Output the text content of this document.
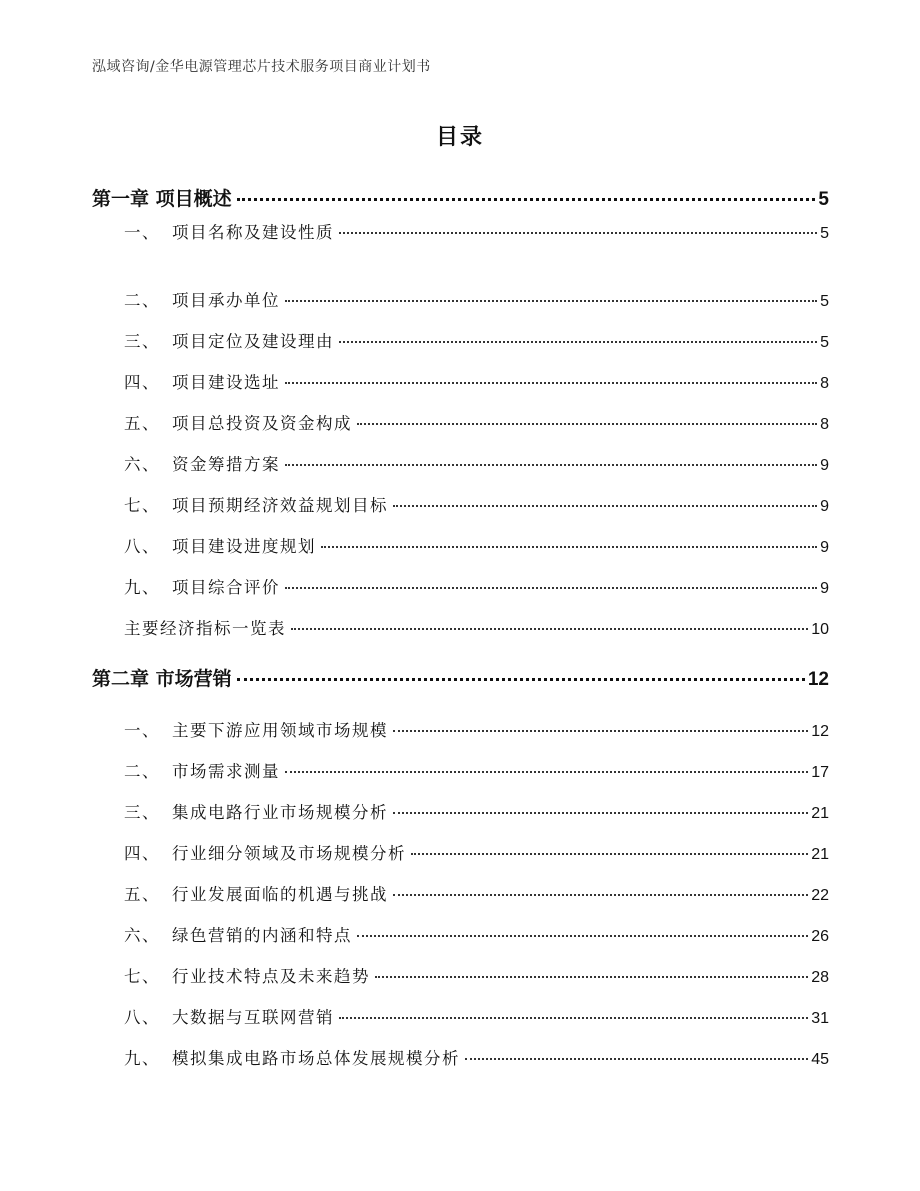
泓域咨询/金华电源管理芯片技术服务项目商业计划书
目录
第一章 项目概述	5
一、 项目名称及建设性质	5
二、 项目承办单位	5
三、 项目定位及建设理由	5
四、 项目建设选址	8
五、 项目总投资及资金构成	8
六、 资金筹措方案	9
七、 项目预期经济效益规划目标	9
八、 项目建设进度规划	9
九、 项目综合评价	9
主要经济指标一览表	10
第二章 市场营销	12
一、 主要下游应用领域市场规模	12
二、 市场需求测量	17
三、 集成电路行业市场规模分析	21
四、 行业细分领域及市场规模分析	21
五、 行业发展面临的机遇与挑战	22
六、 绿色营销的内涵和特点	26
七、 行业技术特点及未来趋势	28
八、 大数据与互联网营销	31
九、 模拟集成电路市场总体发展规模分析	45
